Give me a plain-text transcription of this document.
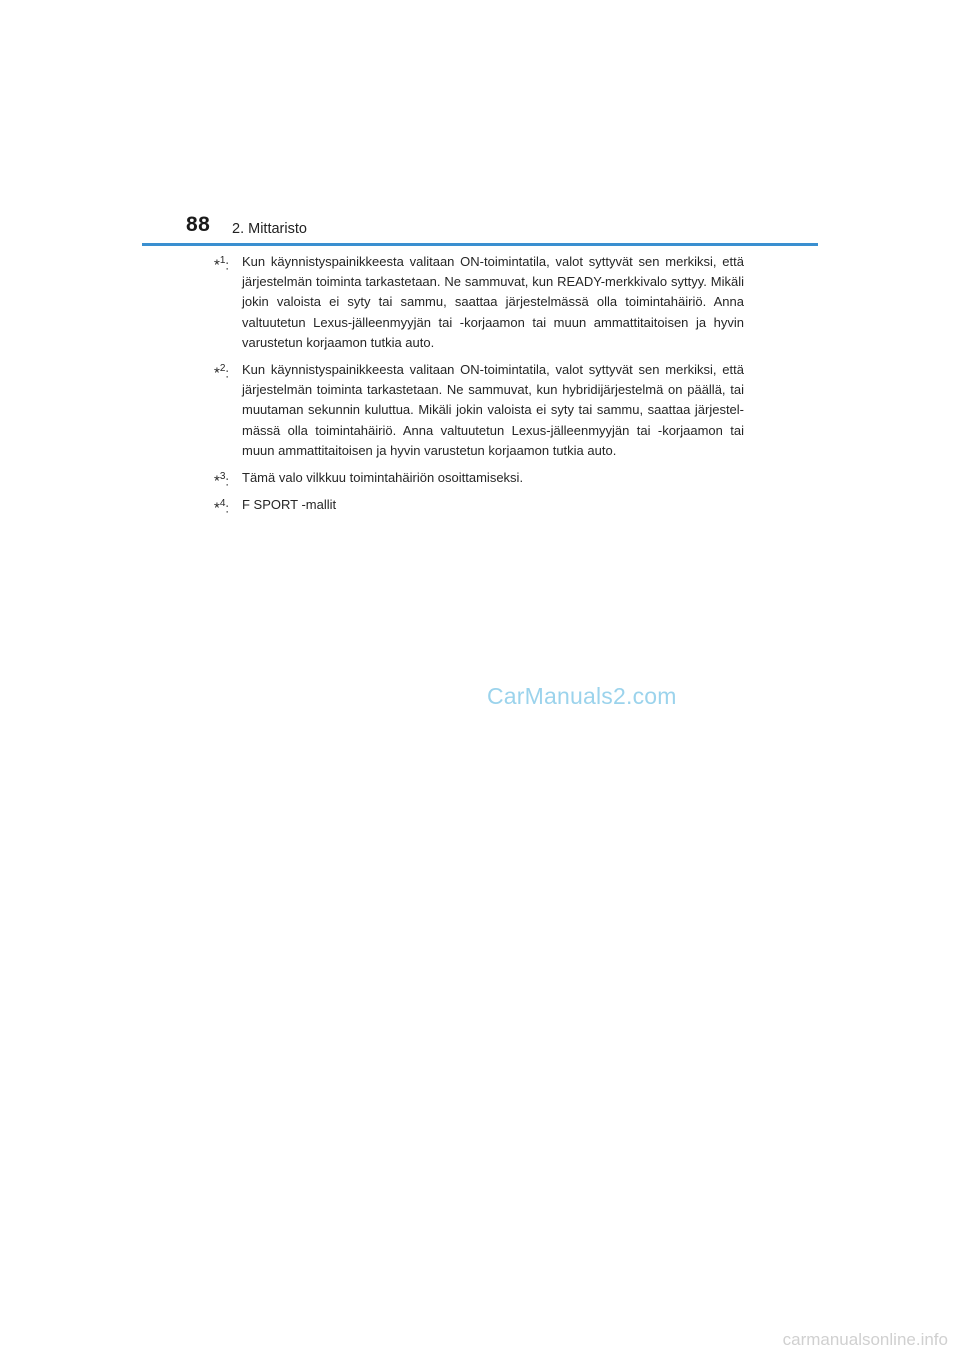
88 2. Mittaristo
*$^1$: Kun käynnistyspainikkeesta valitaan ON-toimintatila, valot syttyvät sen merkiksi, että järjestelmän toiminta tarkastetaan. Ne sammuvat, kun READY-merkkivalo syttyy. Mikäli jokin valoista ei syty tai sammu, saattaa järjestelmässä olla toimintahäiriö. Anna valtuutetun Lexus-jälleenmyyjän tai -korjaamon tai muun ammattitaitoisen ja hyvin varustetun korjaamon tutkia auto.
*$^2$: Kun käynnistyspainikkeesta valitaan ON-toimintatila, valot syttyvät sen merkiksi, että järjestelmän toiminta tarkastetaan. Ne sammuvat, kun hybridijärjestelmä on päällä, tai muutaman sekunnin kuluttua. Mikäli jokin valoista ei syty tai sammu, saattaa järjestel-mässä olla toimintahäiriö. Anna valtuutetun Lexus-jälleenmyyjän tai -korjaamon tai muun ammattitaitoisen ja hyvin varustetun korjaamon tutkia auto.
*$^3$: Tämä valo vilkkuu toimintahäiriön osoittamiseksi.
*$^4$: F SPORT -mallit
CarManuals2.com
carmanualsonline.info
